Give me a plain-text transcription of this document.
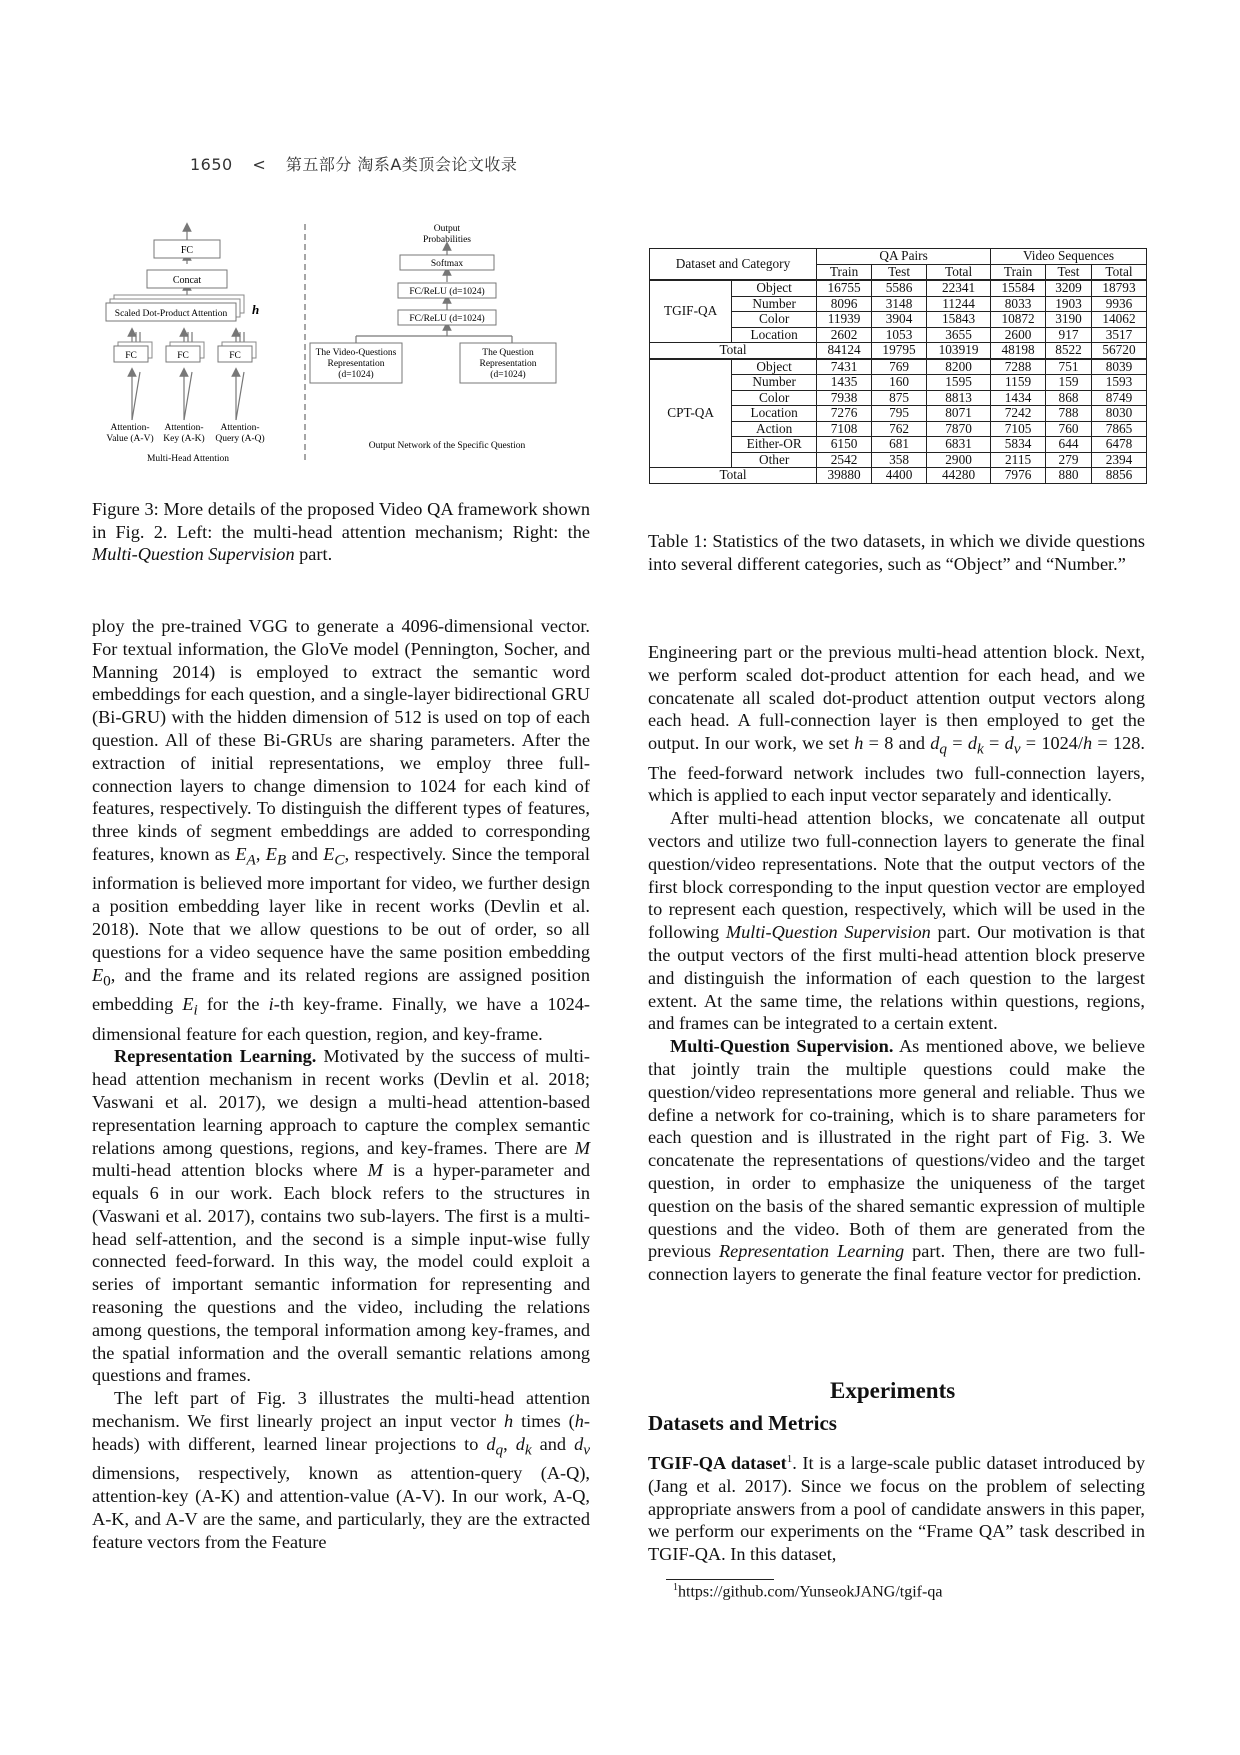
1650 < 第五部分 淘系A类顶会论文收录
FC
Concat
Scaled Dot-Product Attention h
FC	FC	FC
Attention-
Value (A-V)
Attention-
Key (A-K)
Attention-
Query (A-Q)
Multi-Head Attention
Output
Probabilities
Softmax
FC/ReLU (d=1024)
FC/ReLU (d=1024)
The Video-Questions
Representation
(d=1024)
The Question
Representation
(d=1024)
Output Network of the Specific Question
Figure 3: More details of the proposed Video QA framework shown in Fig. 2. Left: the multi-head attention mechanism; Right: the Multi-Question Supervision part.
Dataset and Category		QA Pairs			Video Sequences		
		Train	Test	Total	Train	Test	Total
TGIF-QA	Object	16755	5586	22341	15584	3209	18793
	Number	8096	3148	11244	8033	1903	9936
	Color	11939	3904	15843	10872	3190	14062
	Location	2602	1053	3655	2600	917	3517
Total		84124	19795	103919	48198	8522	56720
CPT-QA	Object	7431	769	8200	7288	751	8039
	Number	1435	160	1595	1159	159	1593
	Color	7938	875	8813	1434	868	8749
	Location	7276	795	8071	7242	788	8030
	Action	7108	762	7870	7105	760	7865
	Either-OR	6150	681	6831	5834	644	6478
	Other	2542	358	2900	2115	279	2394
Total		39880	4400	44280	7976	880	8856
Table 1: Statistics of the two datasets, in which we divide questions into several different categories, such as “Object” and “Number.”

ploy the pre-trained VGG to generate a 4096-dimensional vector. For textual information, the GloVe model (Pennington, Socher, and Manning 2014) is employed to extract the semantic word embeddings for each question, and a single-layer bidirectional GRU (Bi-GRU) with the hidden dimension of 512 is used on top of each question. All of these Bi-GRUs are sharing parameters. After the extraction of initial representations, we employ three full-connection layers to change dimension to 1024 for each kind of features, respectively. To distinguish the different types of features, three kinds of segment embeddings are added to corresponding features, known as $E_A$, $E_B$ and $E_C$, respectively. Since the temporal information is believed more important for video, we further design a position embedding layer like in recent works (Devlin et al. 2018). Note that we allow questions to be out of order, so all questions for a video sequence have the same position embedding $E_0$, and the frame and its related regions are assigned position embedding $E_i$ for the i-th key-frame. Finally, we have a 1024-dimensional feature for each question, region, and key-frame.

Representation Learning. Motivated by the success of multi-head attention mechanism in recent works (Devlin et al. 2018; Vaswani et al. 2017), we design a multi-head attention-based representation learning approach to capture the complex semantic relations among questions, regions, and key-frames. There are M multi-head attention blocks where M is a hyper-parameter and equals 6 in our work. Each block refers to the structures in (Vaswani et al. 2017), contains two sub-layers. The first is a multi-head self-attention, and the second is a simple input-wise fully connected feed-forward. In this way, the model could exploit a series of important semantic information for representing and reasoning the questions and the video, including the relations among questions, the temporal information among key-frames, and the spatial information and the overall semantic relations among questions and frames.

The left part of Fig. 3 illustrates the multi-head attention mechanism. We first linearly project an input vector h times (h-heads) with different, learned linear projections to $d_q$, $d_k$ and $d_v$ dimensions, respectively, known as attention-query (A-Q), attention-key (A-K) and attention-value (A-V). In our work, A-Q, A-K, and A-V are the same, and particularly, they are the extracted feature vectors from the Feature

Engineering part or the previous multi-head attention block. Next, we perform scaled dot-product attention for each head, and we concatenate all scaled dot-product attention output vectors along each head. A full-connection layer is then employed to get the output. In our work, we set h = 8 and $d_q = d_k = d_v = 1024/h = 128$. The feed-forward network includes two full-connection layers, which is applied to each input vector separately and identically.

After multi-head attention blocks, we concatenate all output vectors and utilize two full-connection layers to generate the final question/video representations. Note that the output vectors of the first block corresponding to the input question vector are employed to represent each question, respectively, which will be used in the following Multi-Question Supervision part. Our motivation is that the output vectors of the first multi-head attention block preserve and distinguish the information of each question to the largest extent. At the same time, the relations within questions, regions, and frames can be integrated to a certain extent.

Multi-Question Supervision. As mentioned above, we believe that jointly train the multiple questions could make the question/video representations more general and reliable. Thus we define a network for co-training, which is to share parameters for each question and is illustrated in the right part of Fig. 3. We concatenate the representations of questions/video and the target question, in order to emphasize the uniqueness of the target question on the basis of the shared semantic expression of multiple questions and the video. Both of them are generated from the previous Representation Learning part. Then, there are two full-connection layers to generate the final feature vector for prediction.

Experiments
Datasets and Metrics

TGIF-QA dataset$^1$. It is a large-scale public dataset introduced by (Jang et al. 2017). Since we focus on the problem of selecting appropriate answers from a pool of candidate answers in this paper, we perform our experiments on the “Frame QA” task described in TGIF-QA. In this dataset,

$^1$https://github.com/YunseokJANG/tgif-qa
